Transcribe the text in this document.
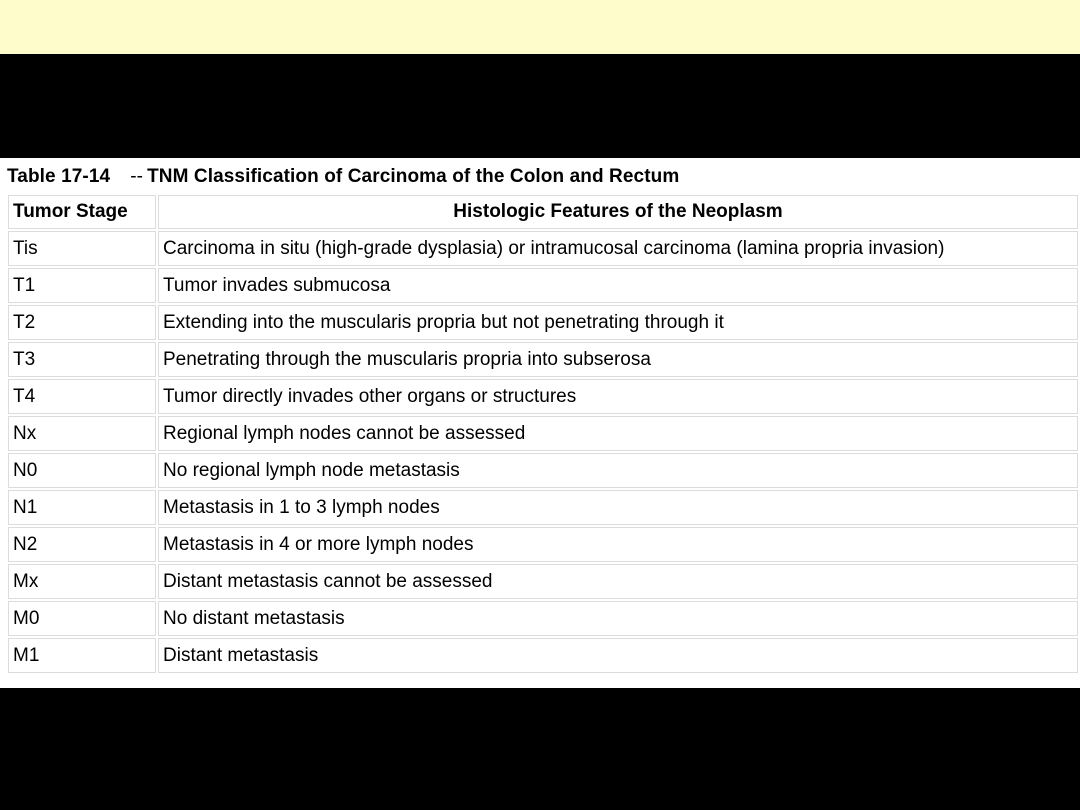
Table 17-14 -- TNM Classification of Carcinoma of the Colon and Rectum
Tumor Stage	Histologic Features of the Neoplasm
Tis	Carcinoma in situ (high-grade dysplasia) or intramucosal carcinoma (lamina propria invasion)
T1	Tumor invades submucosa
T2	Extending into the muscularis propria but not penetrating through it
T3	Penetrating through the muscularis propria into subserosa
T4	Tumor directly invades other organs or structures
Nx	Regional lymph nodes cannot be assessed
N0	No regional lymph node metastasis
N1	Metastasis in 1 to 3 lymph nodes
N2	Metastasis in 4 or more lymph nodes
Mx	Distant metastasis cannot be assessed
M0	No distant metastasis
M1	Distant metastasis
